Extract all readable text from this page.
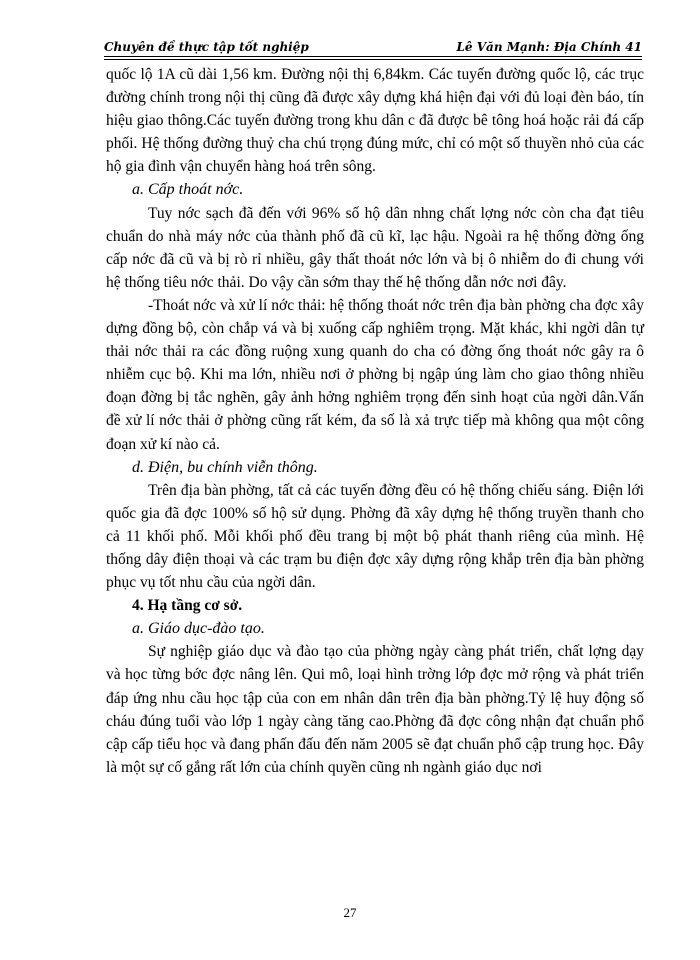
Chuyên đề thực tập tốt nghiệp	Lê Văn Mạnh: Địa Chính 41

quốc lộ 1A cũ dài 1,56 km. Đường nội thị 6,84km. Các tuyến đường quốc lộ, các trục đường chính trong nội thị cũng đã được xây dựng khá hiện đại với đủ loại đèn báo, tín hiệu giao thông.Các tuyến đường trong khu dân c đã được bê tông hoá hoặc rải đá cấp phối. Hệ thống đường thuỷ cha chú trọng đúng mức, chỉ có một số thuyền nhỏ của các hộ gia đình vận chuyển hàng hoá trên sông.

a. Cấp thoát nớc.

Tuy nớc sạch đã đến với 96% số hộ dân nhng chất lợng nớc còn cha đạt tiêu chuẩn do nhà máy nớc của thành phố đã cũ kĩ, lạc hậu. Ngoài ra hệ thống đờng ống cấp nớc đã cũ và bị rò rỉ nhiều, gây thất thoát nớc lớn và bị ô nhiễm do đi chung với hệ thống tiêu nớc thải. Do vậy cần sớm thay thế hệ thống dẫn nớc nơi đây.

-Thoát nớc và xử lí nớc thải: hệ thống thoát nớc trên địa bàn phờng cha đợc xây dựng đồng bộ, còn chắp vá và bị xuống cấp nghiêm trọng. Mặt khác, khi ngời dân tự thải nớc thải ra các đồng ruộng xung quanh do cha có đờng ống thoát nớc gây ra ô nhiễm cục bộ. Khi ma lớn, nhiều nơi ở phờng bị ngập úng làm cho giao thông nhiều đoạn đờng bị tắc nghẽn, gây ảnh hởng nghiêm trọng đến sinh hoạt của ngời dân.Vấn đề xử lí nớc thải ở phờng cũng rất kém, đa số là xả trực tiếp mà không qua một công đoạn xử kí nào cả.

d. Điện, bu chính viễn thông.

Trên địa bàn phờng, tất cả các tuyến đờng đều có hệ thống chiếu sáng. Điện lới quốc gia đã đợc 100% số hộ sử dụng. Phờng đã xây dựng hệ thống truyền thanh cho cả 11 khối phố. Mỗi khối phố đều trang bị một bộ phát thanh riêng của mình. Hệ thống dây điện thoại và các trạm bu điện đợc xây dựng rộng khắp trên địa bàn phờng phục vụ tốt nhu cầu của ngời dân.

4. Hạ tầng cơ sở.

a. Giáo dục-đào tạo.

Sự nghiệp giáo dục và đào tạo của phờng ngày càng phát triển, chất lợng dạy và học từng bớc đợc nâng lên. Qui mô, loại hình trờng lớp đợc mở rộng và phát triển đáp ứng nhu cầu học tập của con em nhân dân trên địa bàn phờng.Tỷ lệ huy động số cháu đúng tuổi vào lớp 1 ngày càng tăng cao.Phờng đã đợc công nhận đạt chuẩn phổ cập cấp tiểu học và đang phấn đấu đến năm 2005 sẽ đạt chuẩn phổ cập trung học. Đây là một sự cố gắng rất lớn của chính quyền cũng nh ngành giáo dục nơi

27
